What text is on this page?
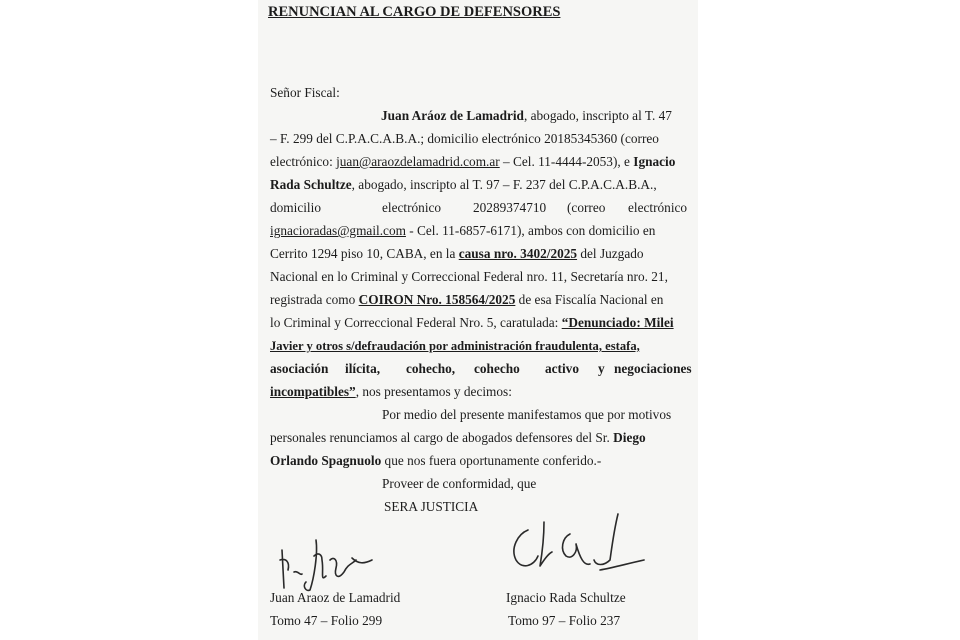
RENUNCIAN AL CARGO DE DEFENSORES
Señor Fiscal:
Juan Aráoz de Lamadrid, abogado, inscripto al T. 47
– F. 299 del C.P.A.C.A.B.A.; domicilio electrónico 20185345360 (correo
electrónico: juan@araozdelamadrid.com.ar – Cel. 11-4444-2053), e Ignacio
Rada Schultze, abogado, inscripto al T. 97 – F. 237 del C.P.A.C.A.B.A.,
domicilio	electrónico 20289374710 (correo electrónico
ignacioradas@gmail.com - Cel. 11-6857-6171), ambos con domicilio en
Cerrito 1294 piso 10, CABA, en la causa nro. 3402/2025 del Juzgado
Nacional en lo Criminal y Correccional Federal nro. 11, Secretaría nro. 21,
registrada como COIRON Nro. 158564/2025 de esa Fiscalía Nacional en
lo Criminal y Correccional Federal Nro. 5, caratulada: “Denunciado: Milei
Javier y otros s/defraudación por administración fraudulenta, estafa,
asociación ilícita, cohecho, cohecho activo y negociaciones
incompatibles”, nos presentamos y decimos:
Por medio del presente manifestamos que por motivos
personales renunciamos al cargo de abogados defensores del Sr. Diego
Orlando Spagnuolo que nos fuera oportunamente conferido.-
Proveer de conformidad, que
SERA JUSTICIA
Juan Araoz de Lamadrid
Tomo 47 – Folio 299
Ignacio Rada Schultze
Tomo 97 – Folio 237
